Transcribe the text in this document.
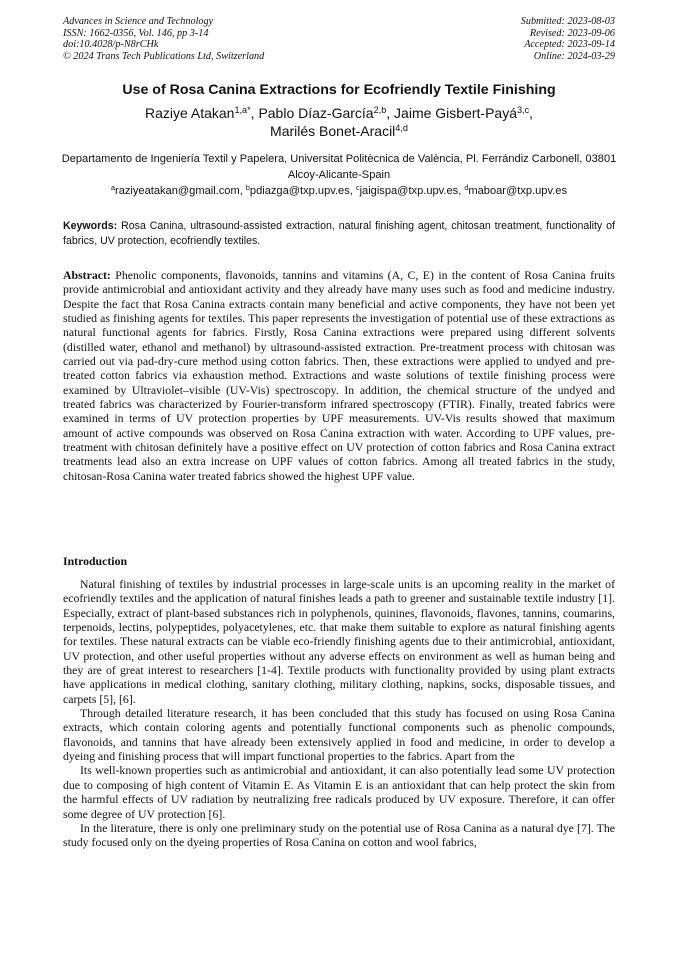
Advances in Science and Technology
ISSN: 1662-0356, Vol. 146, pp 3-14
doi:10.4028/p-N8rCHk
© 2024 Trans Tech Publications Ltd, Switzerland
Submitted: 2023-08-03
Revised: 2023-09-06
Accepted: 2023-09-14
Online: 2024-03-29
Use of Rosa Canina Extractions for Ecofriendly Textile Finishing
Raziye Atakan$^{1,a*}$, Pablo Díaz-García$^{2,b}$, Jaime Gisbert-Payá$^{3,c}$,
Marilés Bonet-Aracil$^{4,d}$
Departamento de Ingeniería Textil y Papelera, Universitat Politècnica de València, Pl. Ferrándiz Carbonell, 03801 Alcoy-Alicante-Spain
$^a$raziyeatakan@gmail.com, $^b$pdiazga@txp.upv.es, $^c$jaigispa@txp.upv.es, $^d$maboar@txp.upv.es
Keywords: Rosa Canina, ultrasound-assisted extraction, natural finishing agent, chitosan treatment, functionality of fabrics, UV protection, ecofriendly textiles.

Abstract: Phenolic components, flavonoids, tannins and vitamins (A, C, E) in the content of Rosa Canina fruits provide antimicrobial and antioxidant activity and they already have many uses such as food and medicine industry. Despite the fact that Rosa Canina extracts contain many beneficial and active components, they have not been yet studied as finishing agents for textiles. This paper represents the investigation of potential use of these extractions as natural functional agents for fabrics. Firstly, Rosa Canina extractions were prepared using different solvents (distilled water, ethanol and methanol) by ultrasound-assisted extraction. Pre-treatment process with chitosan was carried out via pad-dry-cure method using cotton fabrics. Then, these extractions were applied to undyed and pre-treated cotton fabrics via exhaustion method. Extractions and waste solutions of textile finishing process were examined by Ultraviolet–visible (UV-Vis) spectroscopy. In addition, the chemical structure of the undyed and treated fabrics was characterized by Fourier-transform infrared spectroscopy (FTIR). Finally, treated fabrics were examined in terms of UV protection properties by UPF measurements. UV-Vis results showed that maximum amount of active compounds was observed on Rosa Canina extraction with water. According to UPF values, pre-treatment with chitosan definitely have a positive effect on UV protection of cotton fabrics and Rosa Canina extract treatments lead also an extra increase on UPF values of cotton fabrics. Among all treated fabrics in the study, chitosan-Rosa Canina water treated fabrics showed the highest UPF value.

Introduction

Natural finishing of textiles by industrial processes in large-scale units is an upcoming reality in the market of ecofriendly textiles and the application of natural finishes leads a path to greener and sustainable textile industry [1]. Especially, extract of plant-based substances rich in polyphenols, quinines, flavonoids, flavones, tannins, coumarins, terpenoids, lectins, polypeptides, polyacetylenes, etc. that make them suitable to explore as natural finishing agents for textiles. These natural extracts can be viable eco-friendly finishing agents due to their antimicrobial, antioxidant, UV protection, and other useful properties without any adverse effects on environment as well as human being and they are of great interest to researchers [1-4]. Textile products with functionality provided by using plant extracts have applications in medical clothing, sanitary clothing, military clothing, napkins, socks, disposable tissues, and carpets [5], [6].

Through detailed literature research, it has been concluded that this study has focused on using Rosa Canina extracts, which contain coloring agents and potentially functional components such as phenolic compounds, flavonoids, and tannins that have already been extensively applied in food and medicine, in order to develop a dyeing and finishing process that will impart functional properties to the fabrics. Apart from the

Its well-known properties such as antimicrobial and antioxidant, it can also potentially lead some UV protection due to composing of high content of Vitamin E. As Vitamin E is an antioxidant that can help protect the skin from the harmful effects of UV radiation by neutralizing free radicals produced by UV exposure. Therefore, it can offer some degree of UV protection [6].

In the literature, there is only one preliminary study on the potential use of Rosa Canina as a natural dye [7]. The study focused only on the dyeing properties of Rosa Canina on cotton and wool fabrics,
